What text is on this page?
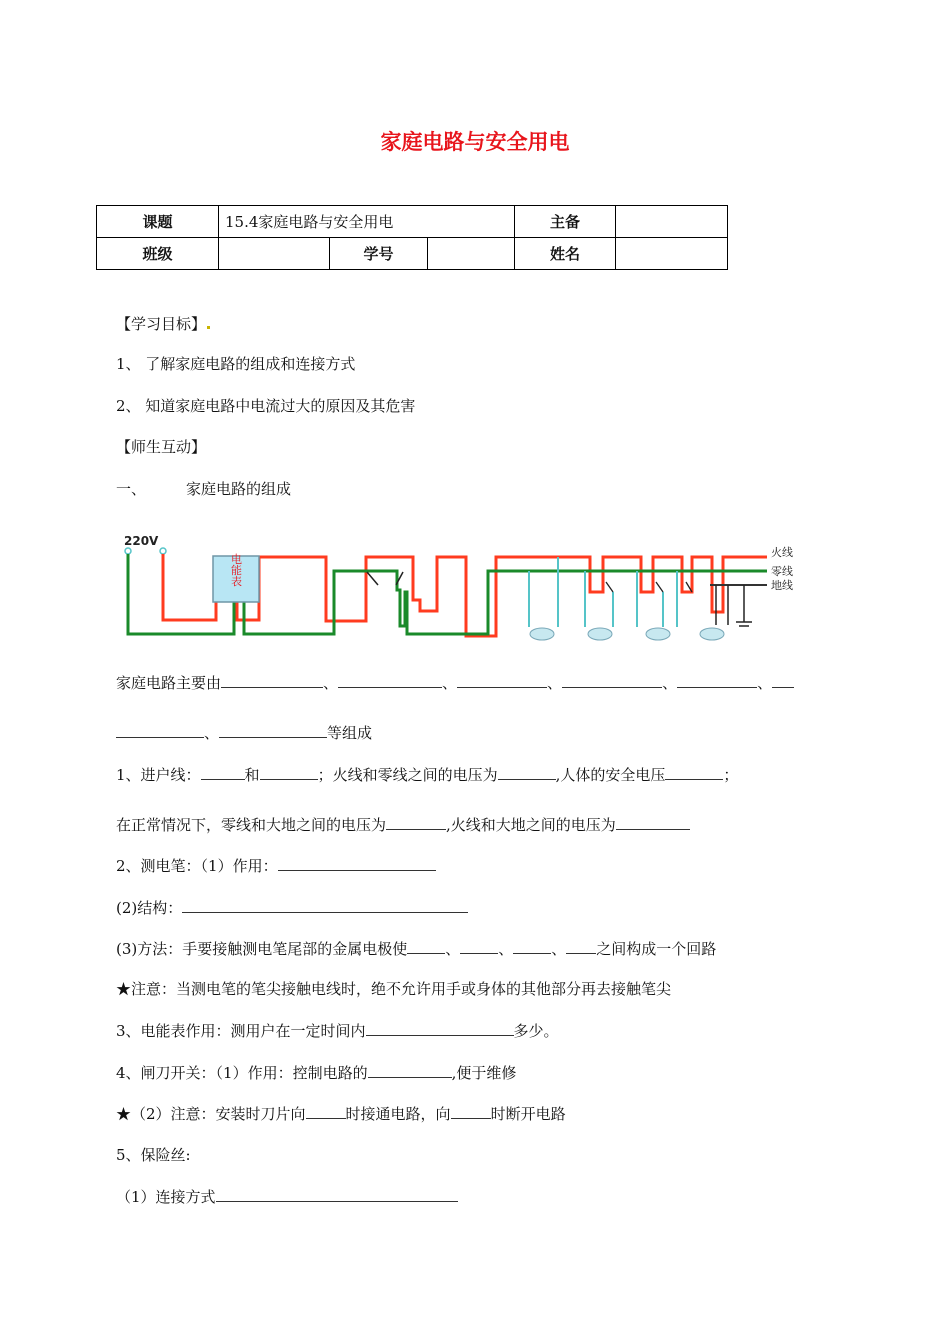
家庭电路与安全用电
课题	15.4家庭电路与安全用电			主备	
班级		学号		姓名	
【学习目标】
1、 了解家庭电路的组成和连接方式
2、 知道家庭电路中电流过大的原因及其危害
【师生互动】
一、	家庭电路的组成
220V
电能表
火线
零线
地线
家庭电路主要由	、	、	、	、	、
、	等组成
1、进户线：	和	；火线和零线之间的电压为	,人体的安全电压	；
在正常情况下，零线和大地之间的电压为	,火线和大地之间的电压为
2、测电笔：（1）作用：
(2)结构：
(3)方法：手要接触测电笔尾部的金属电极使	、	、	、 之间构成一个回路
★注意：当测电笔的笔尖接触电线时，绝不允许用手或身体的其他部分再去接触笔尖
3、电能表作用：测用户在一定时间内	多少。
4、闸刀开关：（1）作用：控制电路的	,便于维修
★（2）注意：安装时刀片向	时接通电路，向	时断开电路
5、保险丝:
（1）连接方式
